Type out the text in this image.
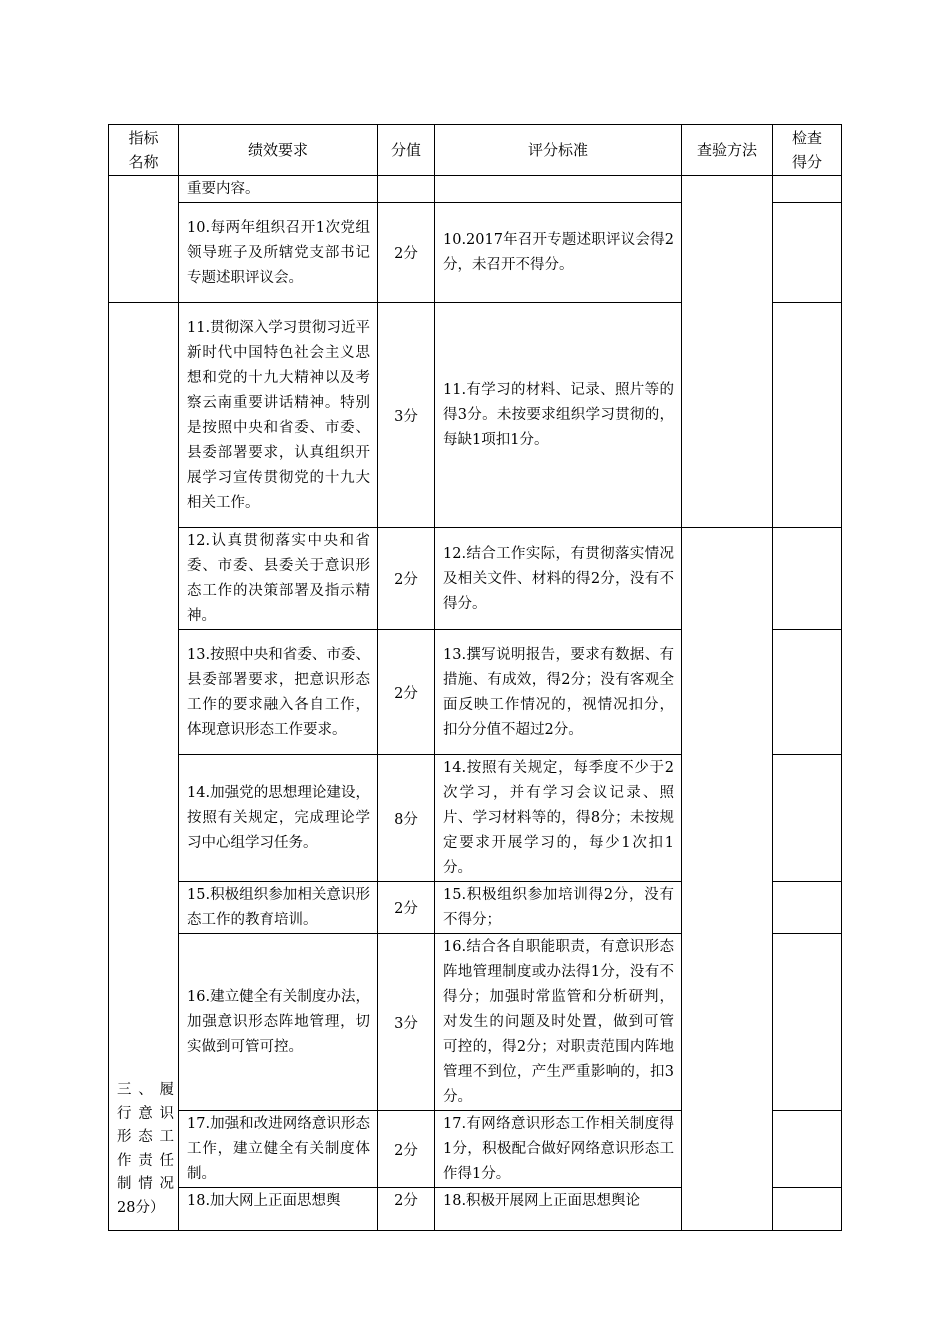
指标名称	绩效要求	分值	评分标准	查验方法	检查得分
	重要内容。				
	10.每两年组织召开1次党组领导班子及所辖党支部书记专题述职评议会。	2分	10.2017年召开专题述职评议会得2分，未召开不得分。		
三、履行意识形态工作责任制情况 28分）	11.贯彻深入学习贯彻习近平新时代中国特色社会主义思想和党的十九大精神以及考察云南重要讲话精神。特别是按照中央和省委、市委、县委部署要求，认真组织开展学习宣传贯彻党的十九大相关工作。	3分	11.有学习的材料、记录、照片等的得3分。未按要求组织学习贯彻的，每缺1项扣1分。		
	12.认真贯彻落实中央和省委、市委、县委关于意识形态工作的决策部署及指示精神。	2分	12.结合工作实际，有贯彻落实情况及相关文件、材料的得2分，没有不得分。		
	13.按照中央和省委、市委、县委部署要求，把意识形态工作的要求融入各自工作，体现意识形态工作要求。	2分	13.撰写说明报告，要求有数据、有措施、有成效，得2分；没有客观全面反映工作情况的，视情况扣分，扣分分值不超过2分。		
	14.加强党的思想理论建设，按照有关规定，完成理论学习中心组学习任务。	8分	14.按照有关规定，每季度不少于2次学习，并有学习会议记录、照片、学习材料等的，得8分；未按规定要求开展学习的，每少1次扣1分。		
	15.积极组织参加相关意识形态工作的教育培训。	2分	15.积极组织参加培训得2分，没有不得分；		
	16.建立健全有关制度办法，加强意识形态阵地管理，切实做到可管可控。	3分	16.结合各自职能职责，有意识形态阵地管理制度或办法得1分，没有不得分；加强时常监管和分析研判，对发生的问题及时处置，做到可管可控的，得2分；对职责范围内阵地管理不到位，产生严重影响的，扣3分。		
	17.加强和改进网络意识形态工作，建立健全有关制度体制。	2分	17.有网络意识形态工作相关制度得1分，积极配合做好网络意识形态工作得1分。		
	18.加大网上正面思想舆	2分	18.积极开展网上正面思想舆论		
